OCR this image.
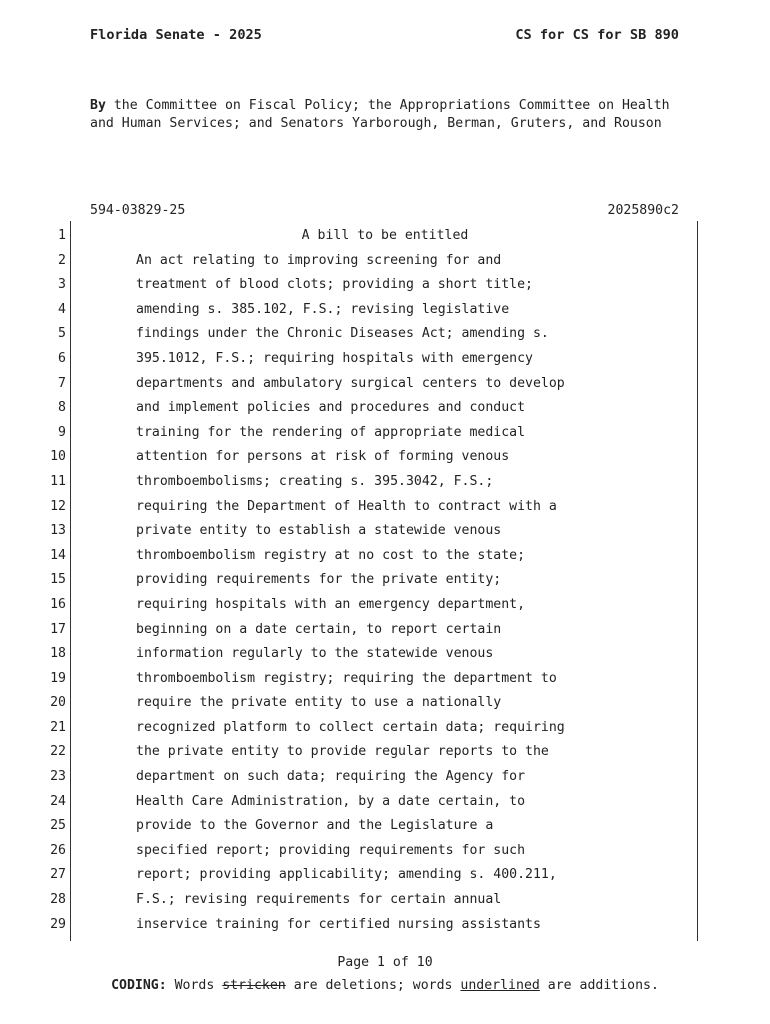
Florida Senate - 2025	CS for CS for SB 890

By the Committee on Fiscal Policy; the Appropriations Committee on Health and Human Services; and Senators Yarborough, Berman, Gruters, and Rouson

594-03829-25	2025890c2
1	A bill to be entitled
2	An act relating to improving screening for and
3	treatment of blood clots; providing a short title;
4	amending s. 385.102, F.S.; revising legislative
5	findings under the Chronic Diseases Act; amending s.
6	395.1012, F.S.; requiring hospitals with emergency
7	departments and ambulatory surgical centers to develop
8	and implement policies and procedures and conduct
9	training for the rendering of appropriate medical
10	attention for persons at risk of forming venous
11	thromboembolisms; creating s. 395.3042, F.S.;
12	requiring the Department of Health to contract with a
13	private entity to establish a statewide venous
14	thromboembolism registry at no cost to the state;
15	providing requirements for the private entity;
16	requiring hospitals with an emergency department,
17	beginning on a date certain, to report certain
18	information regularly to the statewide venous
19	thromboembolism registry; requiring the department to
20	require the private entity to use a nationally
21	recognized platform to collect certain data; requiring
22	the private entity to provide regular reports to the
23	department on such data; requiring the Agency for
24	Health Care Administration, by a date certain, to
25	provide to the Governor and the Legislature a
26	specified report; providing requirements for such
27	report; providing applicability; amending s. 400.211,
28	F.S.; revising requirements for certain annual
29	inservice training for certified nursing assistants
Page 1 of 10
CODING: Words stricken are deletions; words underlined are additions.
